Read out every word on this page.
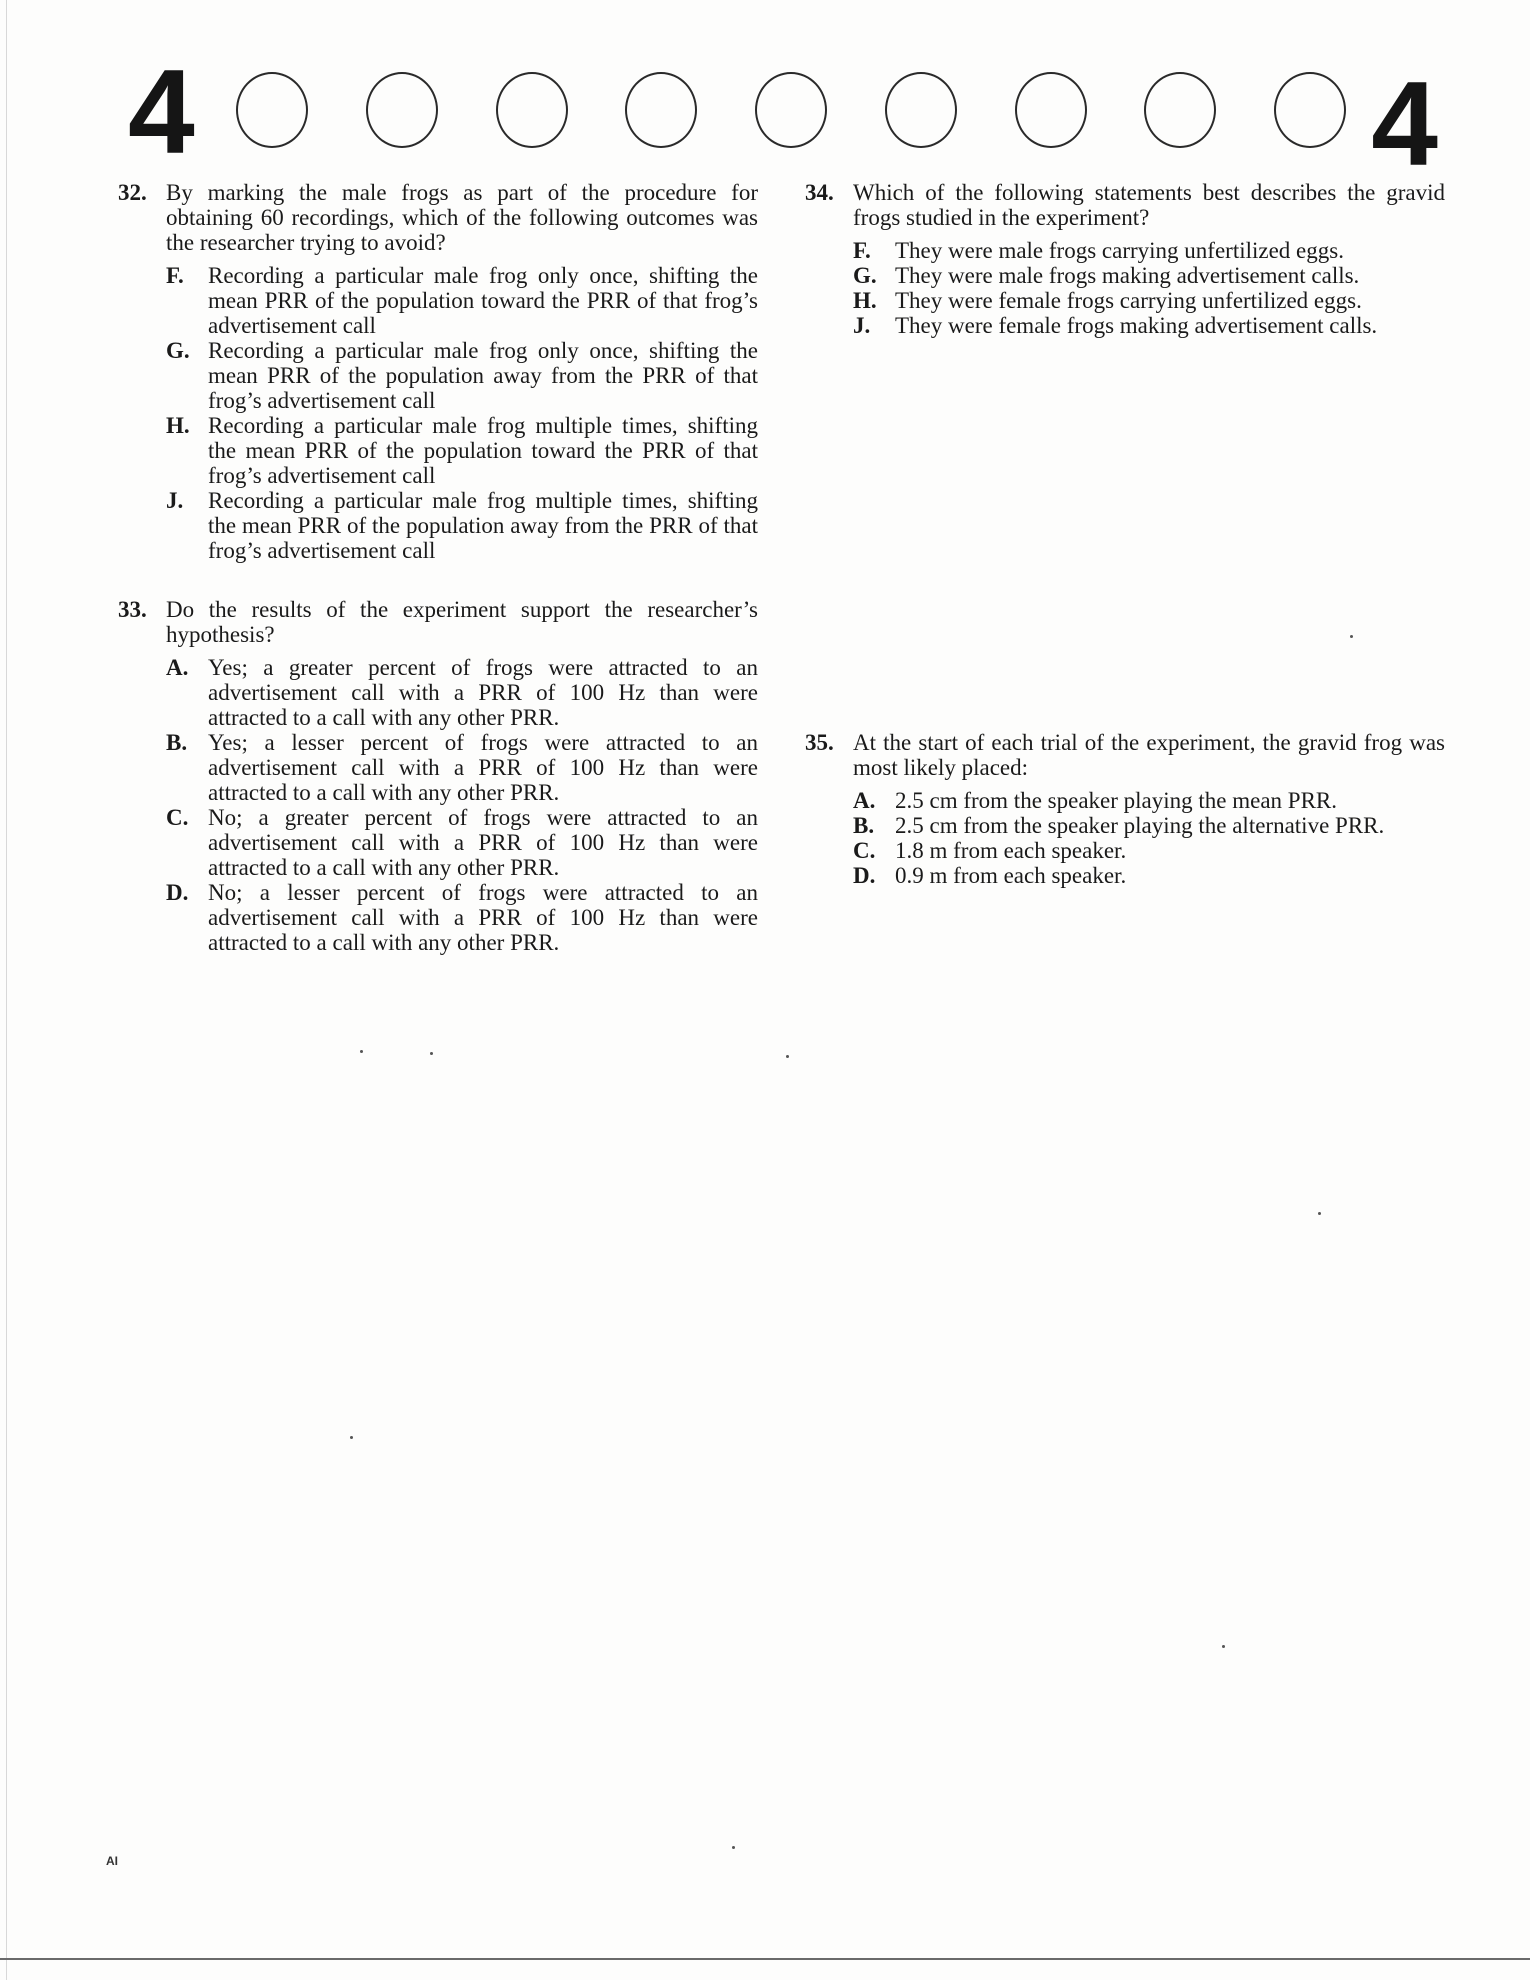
4	4
32. By marking the male frogs as part of the procedure for obtaining 60 recordings, which of the following outcomes was the researcher trying to avoid?
F.	Recording a particular male frog only once, shifting the mean PRR of the population toward the PRR of that frog’s advertisement call
G. Recording a particular male frog only once, shifting the mean PRR of the population away from the PRR of that frog’s advertisement call
H. Recording a particular male frog multiple times, shifting the mean PRR of the population toward the PRR of that frog’s advertisement call
J.	Recording a particular male frog multiple times, shifting the mean PRR of the population away from the PRR of that frog’s advertisement call
33. Do the results of the experiment support the researcher’s hypothesis?
A. Yes; a greater percent of frogs were attracted to an advertisement call with a PRR of 100 Hz than were attracted to a call with any other PRR.
B. Yes; a lesser percent of frogs were attracted to an advertisement call with a PRR of 100 Hz than were attracted to a call with any other PRR.
C. No; a greater percent of frogs were attracted to an advertisement call with a PRR of 100 Hz than were attracted to a call with any other PRR.
D. No; a lesser percent of frogs were attracted to an advertisement call with a PRR of 100 Hz than were attracted to a call with any other PRR.
34. Which of the following statements best describes the gravid frogs studied in the experiment?
F.	They were male frogs carrying unfertilized eggs.
G. They were male frogs making advertisement calls.
H. They were female frogs carrying unfertilized eggs.
J.	They were female frogs making advertisement calls.
35. At the start of each trial of the experiment, the gravid frog was most likely placed:
A. 2.5 cm from the speaker playing the mean PRR.
B. 2.5 cm from the speaker playing the alternative PRR.
C. 1.8 m from each speaker.
D. 0.9 m from each speaker.
AI
